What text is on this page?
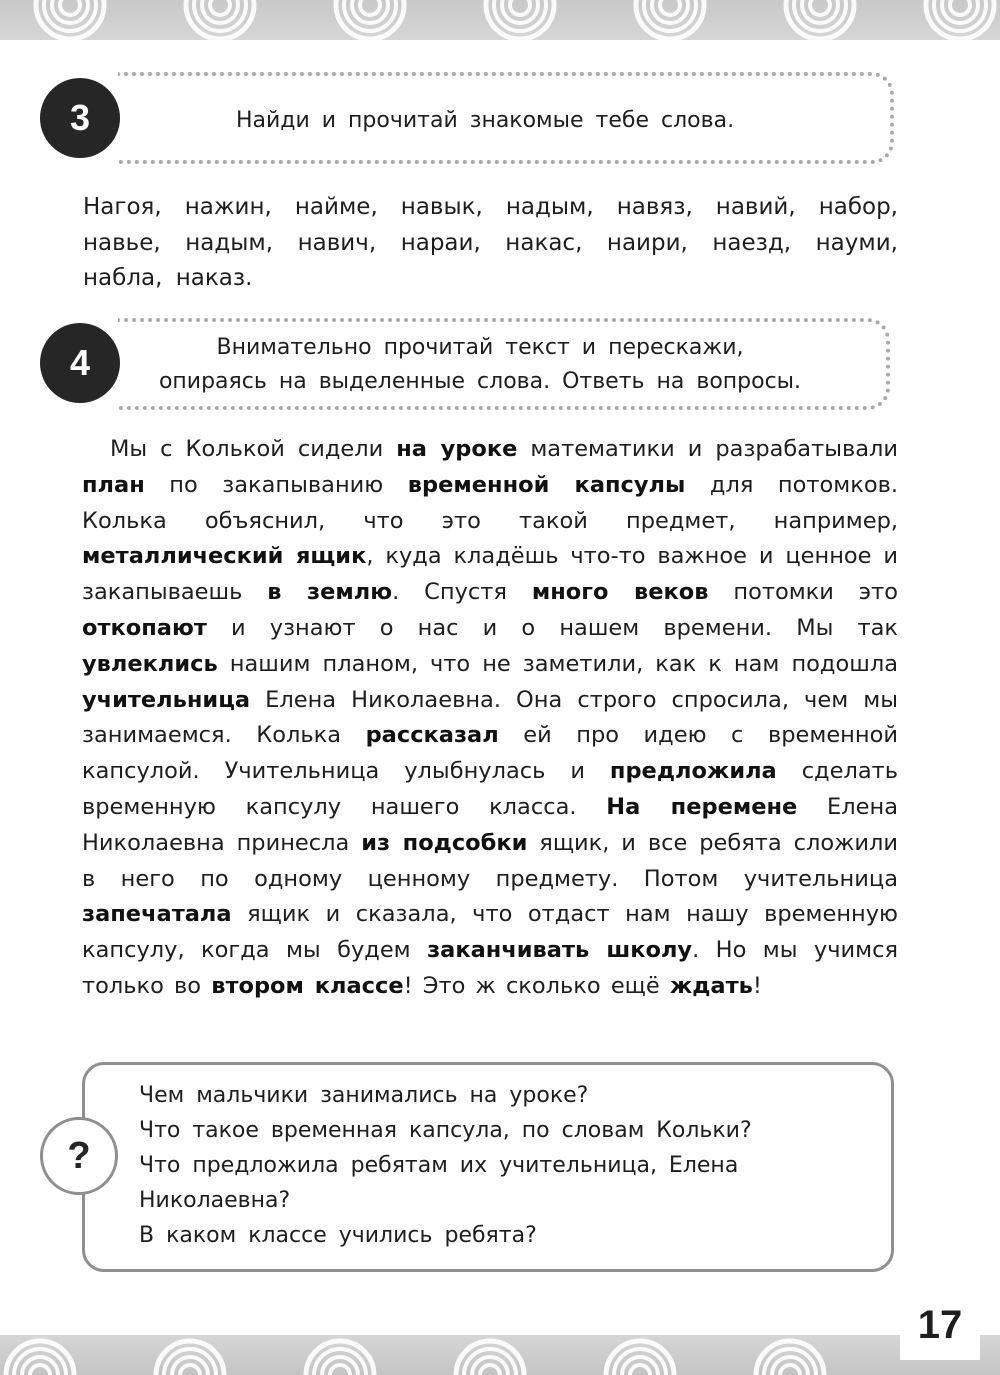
3	Найди и прочитай знакомые тебе слова.
Нагоя, нажин, найме, навык, надым, навяз, навий, набор, навье, надым, навич, нараи, накас, наири, наезд, науми, набла, наказ.
4	Внимательно прочитай текст и перескажи,
опираясь на выделенные слова. Ответь на вопросы.
Мы с Колькой сидели на уроке математики и разрабатывали план по закапыванию временной капсулы для потомков. Колька объяснил, что это такой предмет, например, металлический ящик, куда кладёшь что-то важное и ценное и закапываешь в землю. Спустя много веков потомки это откопают и узнают о нас и о нашем времени. Мы так увлеклись нашим планом, что не заметили, как к нам подошла учительница Елена Николаевна. Она строго спросила, чем мы занимаемся. Колька рассказал ей про идею с временной капсулой. Учительница улыбнулась и предложила сделать временную капсулу нашего класса. На перемене Елена Николаевна принесла из подсобки ящик, и все ребята сложили в него по одному ценному предмету. Потом учительница запечатала ящик и сказала, что отдаст нам нашу временную капсулу, когда мы будем заканчивать школу. Но мы учимся только во втором классе! Это ж сколько ещё ждать!
?
Чем мальчики занимались на уроке?
Что такое временная капсула, по словам Кольки?
Что предложила ребятам их учительница, Елена
Николаевна?
В каком классе учились ребята?
17
